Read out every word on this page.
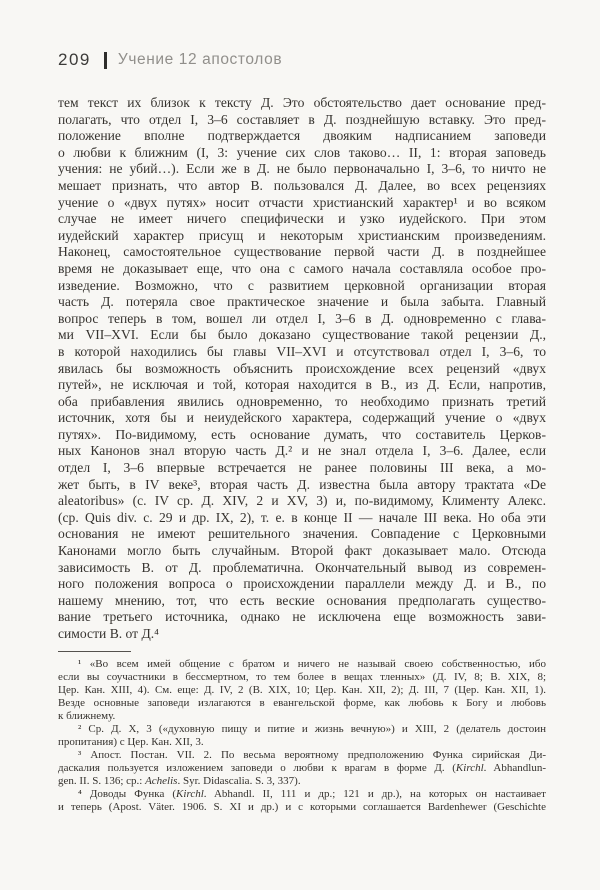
209 Учение 12 апостолов
тем текст их близок к тексту Д. Это обстоятельство дает основание пред-
полагать, что отдел I, 3–6 составляет в Д. позднейшую вставку. Это пред-
положение вполне подтверждается двояким надписанием заповеди
о любви к ближним (I, 3: учение сих слов таково… II, 1: вторая заповедь
учения: не убий…). Если же в Д. не было первоначально I, 3–6, то ничто не
мешает признать, что автор В. пользовался Д. Далее, во всех рецензиях
учение о «двух путях» носит отчасти христианский характер¹ и во всяком
случае не имеет ничего специфически и узко иудейского. При этом
иудейский характер присущ и некоторым христианским произведениям.
Наконец, самостоятельное существование первой части Д. в позднейшее
время не доказывает еще, что она с самого начала составляла особое про-
изведение. Возможно, что с развитием церковной организации вторая
часть Д. потеряла свое практическое значение и была забыта. Главный
вопрос теперь в том, вошел ли отдел I, 3–6 в Д. одновременно с глава-
ми VII–XVI. Если бы было доказано существование такой рецензии Д.,
в которой находились бы главы VII–XVI и отсутствовал отдел I, 3–6, то
явилась бы возможность объяснить происхождение всех рецензий «двух
путей», не исключая и той, которая находится в В., из Д. Если, напротив,
оба прибавления явились одновременно, то необходимо признать третий
источник, хотя бы и неиудейского характера, содержащий учение о «двух
путях». По-видимому, есть основание думать, что составитель Церков-
ных Канонов знал вторую часть Д.² и не знал отдела I, 3–6. Далее, если
отдел I, 3–6 впервые встречается не ранее половины III века, а мо-
жет быть, в IV веке³, вторая часть Д. известна была автору трактата «De
aleatoribus» (с. IV ср. Д. XIV, 2 и XV, 3) и, по-видимому, Клименту Алекс.
(ср. Quis div. с. 29 и др. IX, 2), т. е. в конце II — начале III века. Но оба эти
основания не имеют решительного значения. Совпадение с Церковными
Канонами могло быть случайным. Второй факт доказывает мало. Отсюда
зависимость В. от Д. проблематична. Окончательный вывод из современ-
ного положения вопроса о происхождении параллели между Д. и В., по
нашему мнению, тот, что есть веские основания предполагать существо-
вание третьего источника, однако не исключена еще возможность зави-
симости В. от Д.⁴
¹ «Во всем имей общение с братом и ничего не называй своею собственностью, ибо
если вы соучастники в бессмертном, то тем более в вещах тленных» (Д. IV, 8; В. XIX, 8;
Цер. Кан. XIII, 4). См. еще: Д. IV, 2 (В. XIX, 10; Цер. Кан. XII, 2); Д. III, 7 (Цер. Кан. XII, 1).
Везде основные заповеди излагаются в евангельской форме, как любовь к Богу и любовь
к ближнему.
² Ср. Д. X, 3 («духовную пищу и питие и жизнь вечную») и XIII, 2 (делатель достоин
пропитания) с Цер. Кан. XII, 3.
³ Апост. Постан. VII. 2. По весьма вероятному предположению Функа сирийская Ди-
даскалия пользуется изложением заповеди о любви к врагам в форме Д. (Kirchl. Abhandlun-
gen. II. S. 136; ср.: Achelis. Syr. Didascalia. S. 3, 337).
⁴ Доводы Функа (Kirchl. Abhandl. II, 111 и др.; 121 и др.), на которых он настаивает
и теперь (Apost. Väter. 1906. S. XI и др.) и с которыми соглашается Bardenhewer (Geschichte
